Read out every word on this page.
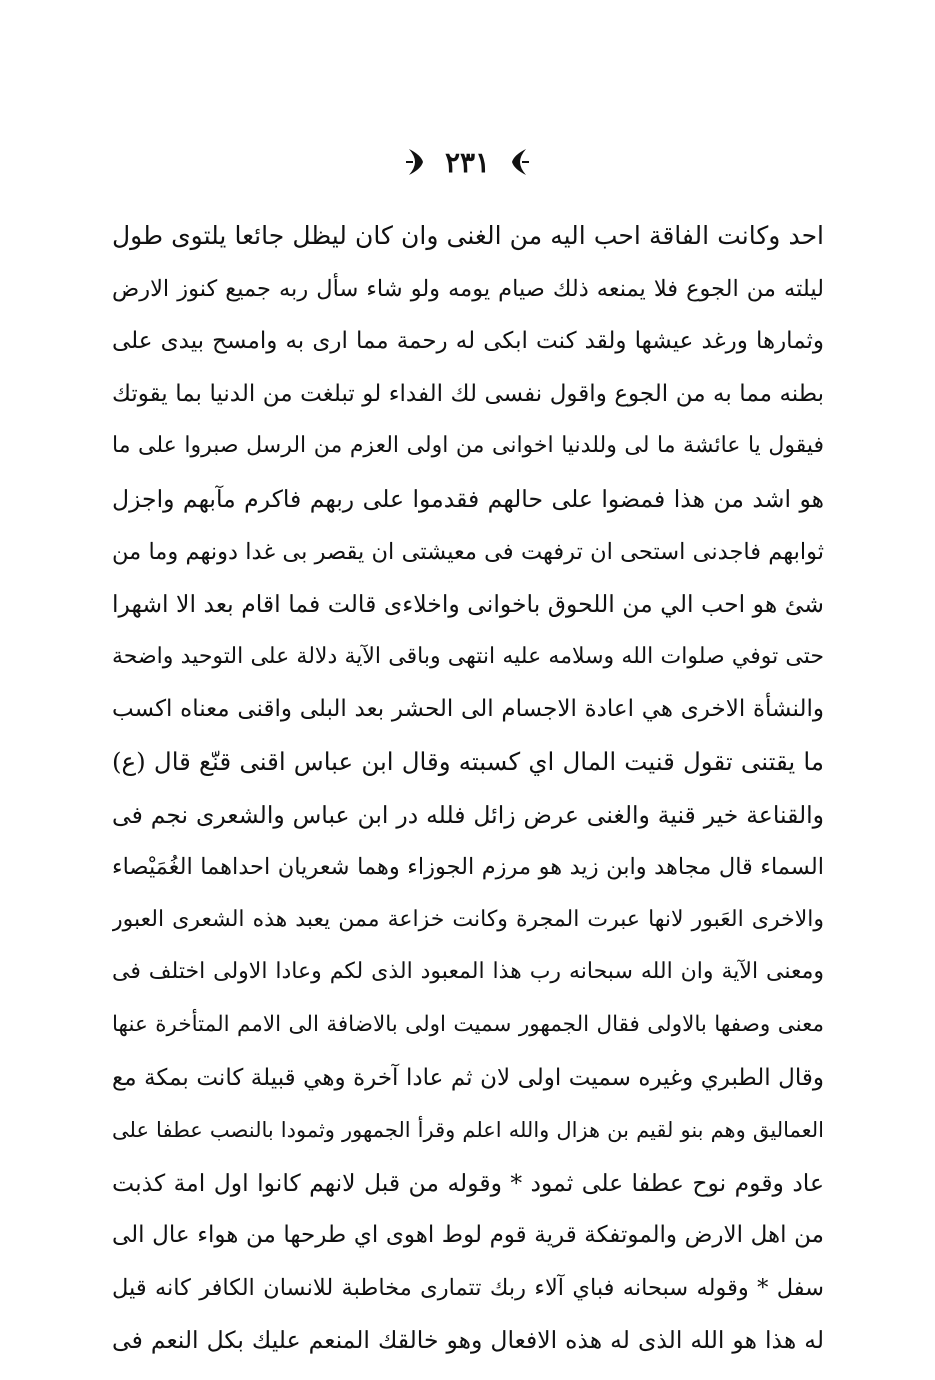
٢٣١
احد وكانت الفاقة احب اليه من الغنى وان كان ليظل جائعا يلتوى طول
ليلته من الجوع فلا يمنعه ذلك صيام يومه ولو شاء سأل ربه جميع كنوز الارض
وثمارها ورغد عيشها ولقد كنت ابكى له رحمة مما ارى به وامسح بيدى على
بطنه مما به من الجوع واقول نفسى لك الفداء لو تبلغت من الدنيا بما يقوتك
فيقول يا عائشة ما لى وللدنيا اخوانى من اولى العزم من الرسل صبروا على ما
هو اشد من هذا فمضوا على حالهم فقدموا على ربهم فاكرم مآبهم واجزل
ثوابهم فاجدنى استحى ان ترفهت فى معيشتى ان يقصر بى غدا دونهم وما من
شئ هو احب الي من اللحوق باخوانى واخلاءى قالت فما اقام بعد الا اشهرا
حتى توفي صلوات الله وسلامه عليه انتهى وباقى الآية دلالة على التوحيد واضحة
والنشأة الاخرى هي اعادة الاجسام الى الحشر بعد البلى واقنى معناه اكسب
ما يقتنى تقول قنيت المال اي كسبته وقال ابن عباس اقنى قنّع قال (ع)
والقناعة خير قنية والغنى عرض زائل فلله در ابن عباس والشعرى نجم فى
السماء قال مجاهد وابن زيد هو مرزم الجوزاء وهما شعريان احداهما الغُمَيْصاء
والاخرى العَبور لانها عبرت المجرة وكانت خزاعة ممن يعبد هذه الشعرى العبور
ومعنى الآية وان الله سبحانه رب هذا المعبود الذى لكم وعادا الاولى اختلف فى
معنى وصفها بالاولى فقال الجمهور سميت اولى بالاضافة الى الامم المتأخرة عنها
وقال الطبري وغيره سميت اولى لان ثم عادا آخرة وهي قبيلة كانت بمكة مع
العماليق وهم بنو لقيم بن هزال والله اعلم وقرأ الجمهور وثمودا بالنصب عطفا على
عاد وقوم نوح عطفا على ثمود * وقوله من قبل لانهم كانوا اول امة كذبت
من اهل الارض والموتفكة قرية قوم لوط اهوى اي طرحها من هواء عال الى
سفل * وقوله سبحانه فباي آلاء ربك تتمارى مخاطبة للانسان الكافر كانه قيل
له هذا هو الله الذى له هذه الافعال وهو خالقك المنعم عليك بكل النعم فى
